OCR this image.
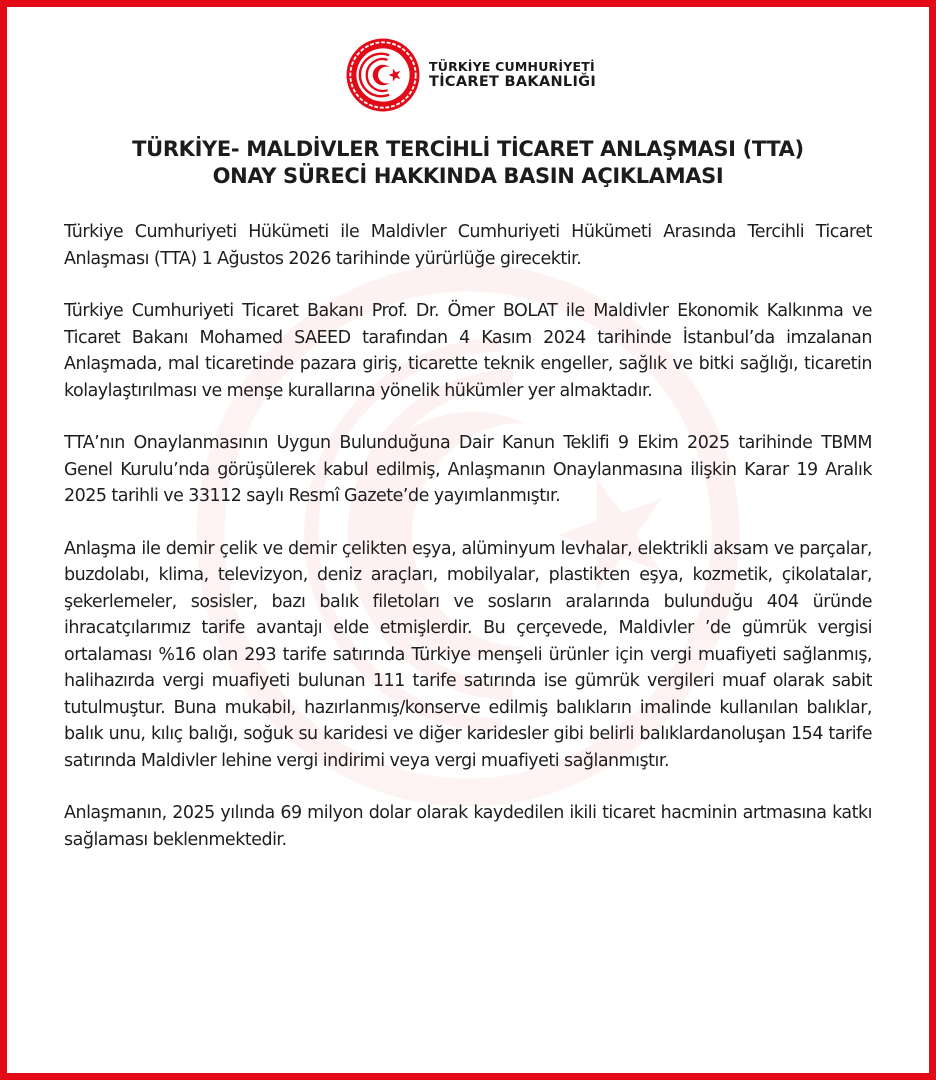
TÜRKİYE CUMHURİYETİ
TİCARET BAKANLIĞI
TÜRKİYE- MALDİVLER TERCİHLİ TİCARET ANLAŞMASI (TTA)
ONAY SÜRECİ HAKKINDA BASIN AÇIKLAMASI

Türkiye Cumhuriyeti Hükümeti ile Maldivler Cumhuriyeti Hükümeti Arasında Tercihli Ticaret Anlaşması (TTA) 1 Ağustos 2026 tarihinde yürürlüğe girecektir.

Türkiye Cumhuriyeti Ticaret Bakanı Prof. Dr. Ömer BOLAT ile Maldivler Ekonomik Kalkınma ve Ticaret Bakanı Mohamed SAEED tarafından 4 Kasım 2024 tarihinde İstanbul’da imzalanan Anlaşmada, mal ticaretinde pazara giriş, ticarette teknik engeller, sağlık ve bitki sağlığı, ticaretin kolaylaştırılması ve menşe kurallarına yönelik hükümler yer almaktadır.

TTA’nın Onaylanmasının Uygun Bulunduğuna Dair Kanun Teklifi 9 Ekim 2025 tarihinde TBMM Genel Kurulu’nda görüşülerek kabul edilmiş, Anlaşmanın Onaylanmasına ilişkin Karar 19 Aralık 2025 tarihli ve 33112 saylı Resmî Gazete’de yayımlanmıştır.

Anlaşma ile demir çelik ve demir çelikten eşya, alüminyum levhalar, elektrikli aksam ve parçalar, buzdolabı, klima, televizyon, deniz araçları, mobilyalar, plastikten eşya, kozmetik, çikolatalar, şekerlemeler, sosisler, bazı balık filetoları ve sosların aralarında bulunduğu 404 üründe ihracatçılarımız tarife avantajı elde etmişlerdir. Bu çerçevede, Maldivler ’de gümrük vergisi ortalaması %16 olan 293 tarife satırında Türkiye menşeli ürünler için vergi muafiyeti sağlanmış, halihazırda vergi muafiyeti bulunan 111 tarife satırında ise gümrük vergileri muaf olarak sabit tutulmuştur. Buna mukabil, hazırlanmış/konserve edilmiş balıkların imalinde kullanılan balıklar, balık unu, kılıç balığı, soğuk su karidesi ve diğer karidesler gibi belirli balıklardanoluşan 154 tarife satırında Maldivler lehine vergi indirimi veya vergi muafiyeti sağlanmıştır.

Anlaşmanın, 2025 yılında 69 milyon dolar olarak kaydedilen ikili ticaret hacminin artmasına katkı sağlaması beklenmektedir.
